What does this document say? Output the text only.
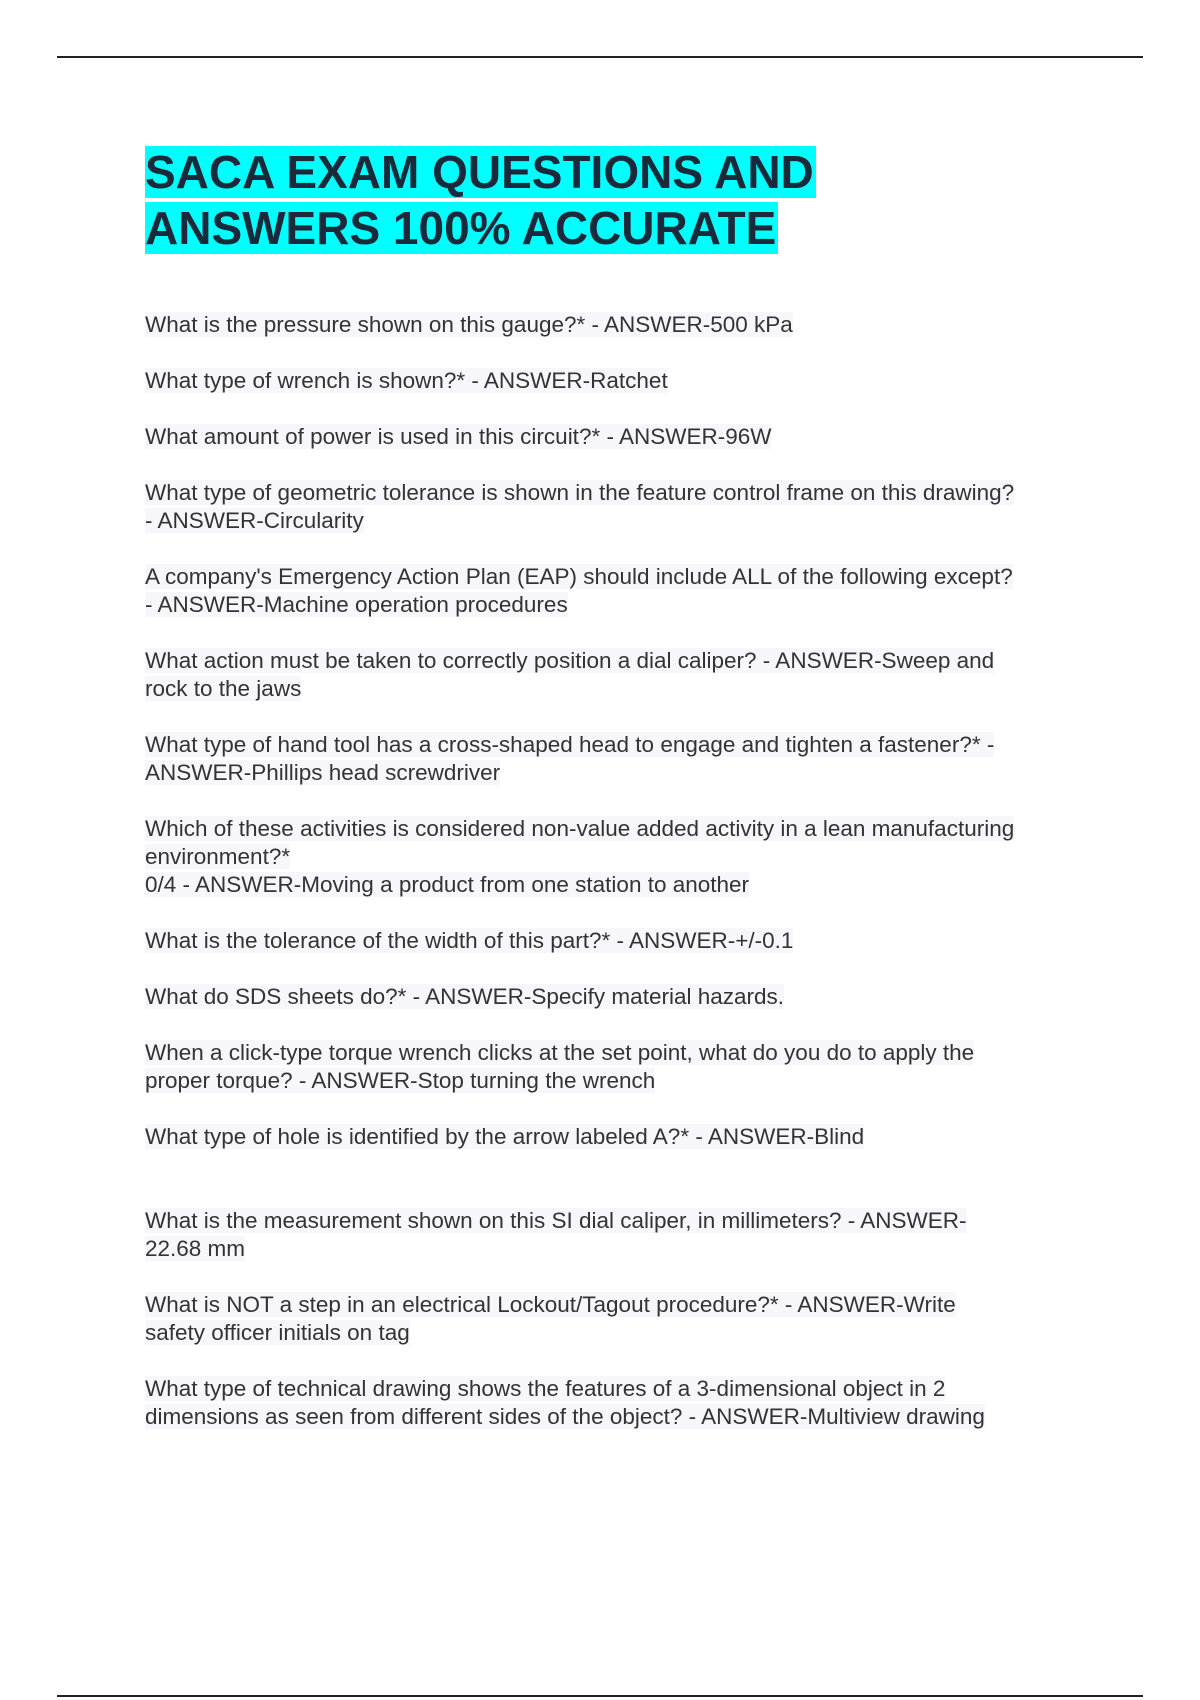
SACA EXAM QUESTIONS AND
ANSWERS 100% ACCURATE

What is the pressure shown on this gauge?* - ANSWER-500 kPa

What type of wrench is shown?* - ANSWER-Ratchet

What amount of power is used in this circuit?* - ANSWER-96W

What type of geometric tolerance is shown in the feature control frame on this drawing?
- ANSWER-Circularity

A company's Emergency Action Plan (EAP) should include ALL of the following except?
- ANSWER-Machine operation procedures

What action must be taken to correctly position a dial caliper? - ANSWER-Sweep and
rock to the jaws

What type of hand tool has a cross-shaped head to engage and tighten a fastener?* -
ANSWER-Phillips head screwdriver

Which of these activities is considered non-value added activity in a lean manufacturing
environment?*
0/4 - ANSWER-Moving a product from one station to another

What is the tolerance of the width of this part?* - ANSWER-+/-0.1

What do SDS sheets do?* - ANSWER-Specify material hazards.

When a click-type torque wrench clicks at the set point, what do you do to apply the
proper torque? - ANSWER-Stop turning the wrench

What type of hole is identified by the arrow labeled A?* - ANSWER-Blind

What is the measurement shown on this SI dial caliper, in millimeters? - ANSWER-
22.68 mm

What is NOT a step in an electrical Lockout/Tagout procedure?* - ANSWER-Write
safety officer initials on tag

What type of technical drawing shows the features of a 3-dimensional object in 2
dimensions as seen from different sides of the object? - ANSWER-Multiview drawing
